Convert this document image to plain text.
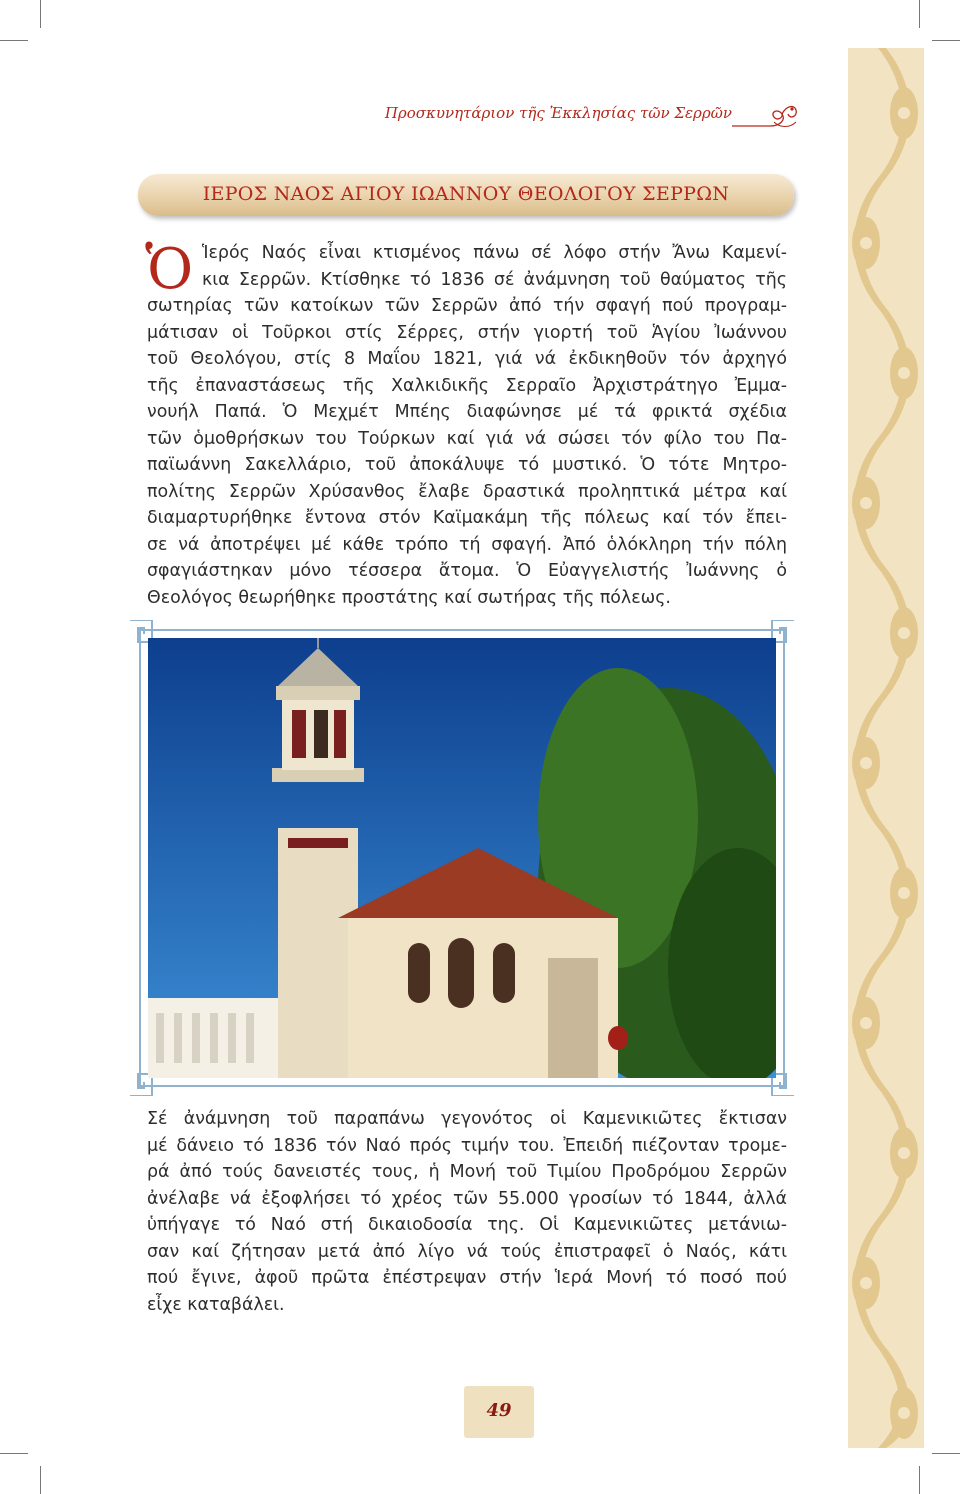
Προσκυνητάριον τῆς Ἐκκλησίας τῶν Σερρῶν
ΙΕΡΟΣ ΝΑΟΣ ΑΓΙΟΥ ΙΩΑΝΝΟΥ ΘΕΟΛΟΓΟΥ ΣΕΡΡΩΝ
Ὁ Ἱερός Ναός εἶναι κτισμένος πάνω σέ λόφο στήν Ἄνω Καμενί-
κια Σερρῶν. Κτίσθηκε τό 1836 σέ ἀνάμνηση τοῦ θαύματος τῆς
σωτηρίας τῶν κατοίκων τῶν Σερρῶν ἀπό τήν σφαγή πού προγραμ-
μάτισαν οἱ Τοῦρκοι στίς Σέρρες, στήν γιορτή τοῦ Ἁγίου Ἰωάννου
τοῦ Θεολόγου, στίς 8 Μαΐου 1821, γιά νά ἐκδικηθοῦν τόν ἀρχηγό
τῆς ἐπαναστάσεως τῆς Χαλκιδικῆς Σερραῖο Ἀρχιστράτηγο Ἐμμα-
νουήλ Παπά. Ὁ Μεχμέτ Μπέης διαφώνησε μέ τά φρικτά σχέδια
τῶν ὁμοθρήσκων του Τούρκων καί γιά νά σώσει τόν φίλο του Πα-
παϊωάννη Σακελλάριο, τοῦ ἀποκάλυψε τό μυστικό. Ὁ τότε Μητρο-
πολίτης Σερρῶν Χρύσανθος ἔλαβε δραστικά προληπτικά μέτρα καί
διαμαρτυρήθηκε ἔντονα στόν Καϊμακάμη τῆς πόλεως καί τόν ἔπει-
σε νά ἀποτρέψει μέ κάθε τρόπο τή σφαγή. Ἀπό ὁλόκληρη τήν πόλη
σφαγιάστηκαν μόνο τέσσερα ἄτομα. Ὁ Εὐαγγελιστής Ἰωάννης ὁ
Θεολόγος θεωρήθηκε προστάτης καί σωτήρας τῆς πόλεως.
Σέ ἀνάμνηση τοῦ παραπάνω γεγονότος οἱ Καμενικιῶτες ἔκτισαν
μέ δάνειο τό 1836 τόν Ναό πρός τιμήν του. Ἐπειδή πιέζονταν τρομε-
ρά ἀπό τούς δανειστές τους, ἡ Μονή τοῦ Τιμίου Προδρόμου Σερρῶν
ἀνέλαβε νά ἐξοφλήσει τό χρέος τῶν 55.000 γροσίων τό 1844, ἀλλά
ὑπήγαγε τό Ναό στή δικαιοδοσία της. Οἱ Καμενικιῶτες μετάνιω-
σαν καί ζήτησαν μετά ἀπό λίγο νά τούς ἐπιστραφεῖ ὁ Ναός, κάτι
πού ἔγινε, ἀφοῦ πρῶτα ἐπέστρεψαν στήν Ἱερά Μονή τό ποσό πού
εἶχε καταβάλει.
49
